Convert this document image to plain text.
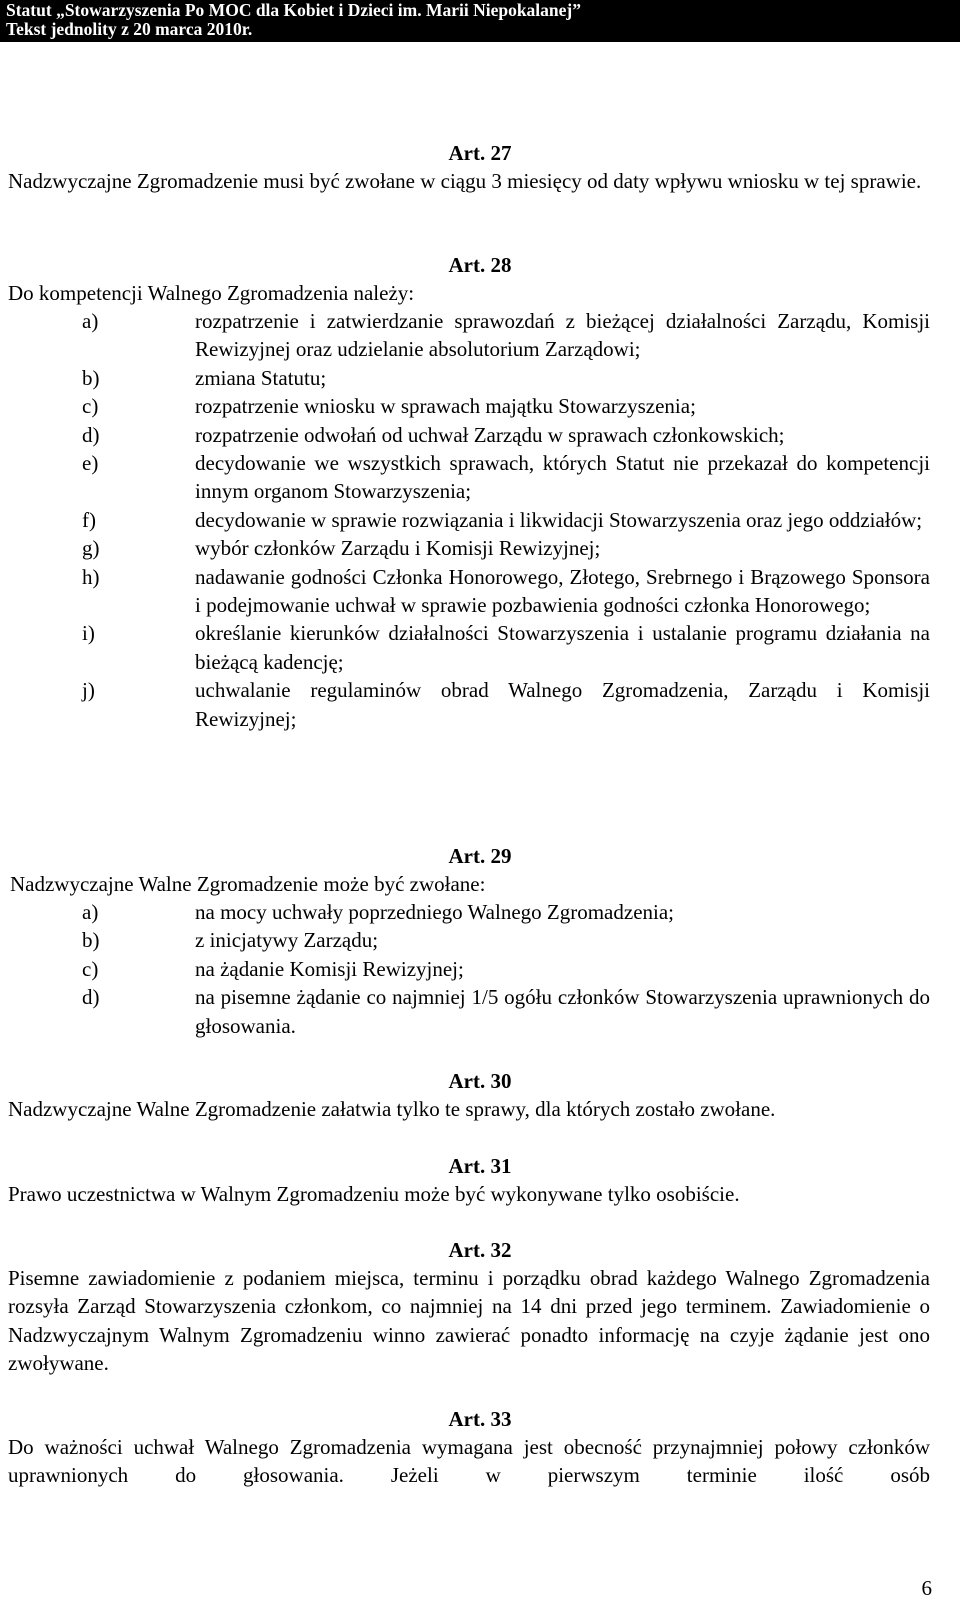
Statut „Stowarzyszenia Po MOC dla Kobiet i Dzieci im. Marii Niepokalanej”
Tekst jednolity z 20 marca 2010r.
Art. 27

Nadzwyczajne Zgromadzenie musi być zwołane w ciągu 3 miesięcy od daty wpływu wniosku w tej sprawie.

Art. 28
Do kompetencji Walnego Zgromadzenia należy:
a)	rozpatrzenie i zatwierdzanie sprawozdań z bieżącej działalności Zarządu, Komisji Rewizyjnej oraz udzielanie absolutorium Zarządowi;

b)	zmiana Statutu;

c)	rozpatrzenie wniosku w sprawach majątku Stowarzyszenia;

d)	rozpatrzenie odwołań od uchwał Zarządu w sprawach członkowskich;

e)	decydowanie we wszystkich sprawach, których Statut nie przekazał do kompetencji innym organom Stowarzyszenia;

f)	decydowanie w sprawie rozwiązania i likwidacji Stowarzyszenia oraz jego oddziałów;

g)	wybór członków Zarządu i Komisji Rewizyjnej;

h)	nadawanie godności Członka Honorowego, Złotego, Srebrnego i Brązowego Sponsora i podejmowanie uchwał w sprawie pozbawienia godności członka Honorowego;

i)	określanie kierunków działalności Stowarzyszenia i ustalanie programu działania na bieżącą kadencję;

j)	uchwalanie regulaminów obrad Walnego Zgromadzenia, Zarządu i Komisji Rewizyjnej;

Art. 29
Nadzwyczajne Walne Zgromadzenie może być zwołane:
a)	na mocy uchwały poprzedniego Walnego Zgromadzenia;

b)	z inicjatywy Zarządu;

c)	na żądanie Komisji Rewizyjnej;

d)	na pisemne żądanie co najmniej 1/5 ogółu członków Stowarzyszenia uprawnionych do głosowania.

Art. 30

Nadzwyczajne Walne Zgromadzenie załatwia tylko te sprawy, dla których zostało zwołane.

Art. 31

Prawo uczestnictwa w Walnym Zgromadzeniu może być wykonywane tylko osobiście.

Art. 32

Pisemne zawiadomienie z podaniem miejsca, terminu i porządku obrad każdego Walnego Zgromadzenia rozsyła Zarząd Stowarzyszenia członkom, co najmniej na 14 dni przed jego terminem. Zawiadomienie o Nadzwyczajnym Walnym Zgromadzeniu winno zawierać ponadto informację na czyje żądanie jest ono zwoływane.

Art. 33

Do ważności uchwał Walnego Zgromadzenia wymagana jest obecność przynajmniej połowy członków uprawnionych do głosowania. Jeżeli w pierwszym terminie ilość osób

6
